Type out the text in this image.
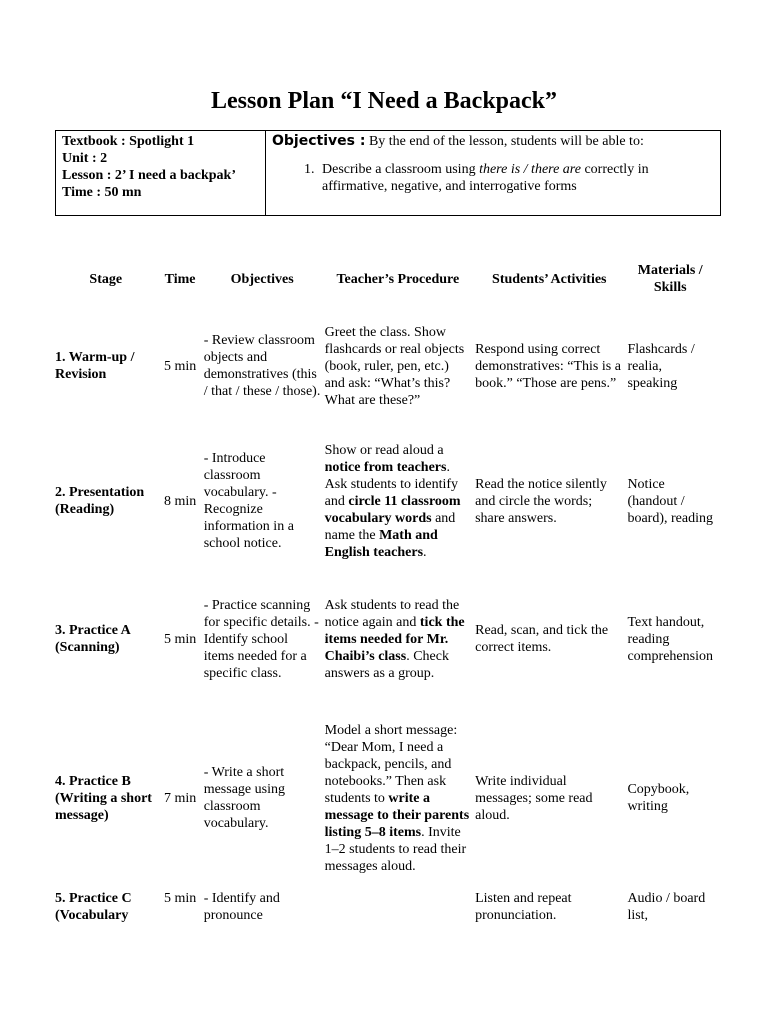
Lesson Plan “I Need a Backpack”
Textbook : Spotlight 1
Unit : 2
Lesson : 2’ I need a backpak’
Time : 50 mn
Objectives : By the end of the lesson, students will be able to:
1. Describe a classroom using there is / there are correctly in affirmative, negative, and interrogative forms
Stage	Time	Objectives	Teacher’s Procedure	Students’ Activities	Materials / Skills
1. Warm-up / Revision	5 min	- Review classroom objects and demonstratives (this / that / these / those).	Greet the class. Show flashcards or real objects (book, ruler, pen, etc.) and ask: “What’s this? What are these?”	Respond using correct demonstratives: “This is a book.” “Those are pens.”	Flashcards / realia, speaking
2. Presentation (Reading)	8 min	- Introduce classroom vocabulary. - Recognize information in a school notice.	Show or read aloud a notice from teachers. Ask students to identify and circle 11 classroom vocabulary words and name the Math and English teachers.	Read the notice silently and circle the words; share answers.	Notice (handout / board), reading
3. Practice A (Scanning)	5 min	- Practice scanning for specific details. - Identify school items needed for a specific class.	Ask students to read the notice again and tick the items needed for Mr. Chaibi’s class. Check answers as a group.	Read, scan, and tick the correct items.	Text handout, reading comprehension
4. Practice B (Writing a short message)	7 min	- Write a short message using classroom vocabulary.	Model a short message: “Dear Mom, I need a backpack, pencils, and notebooks.” Then ask students to write a message to their parents listing 5–8 items. Invite 1–2 students to read their messages aloud.	Write individual messages; some read aloud.	Copybook, writing
5. Practice C (Vocabulary	5 min	- Identify and pronounce		Listen and repeat pronunciation.	Audio / board list,
